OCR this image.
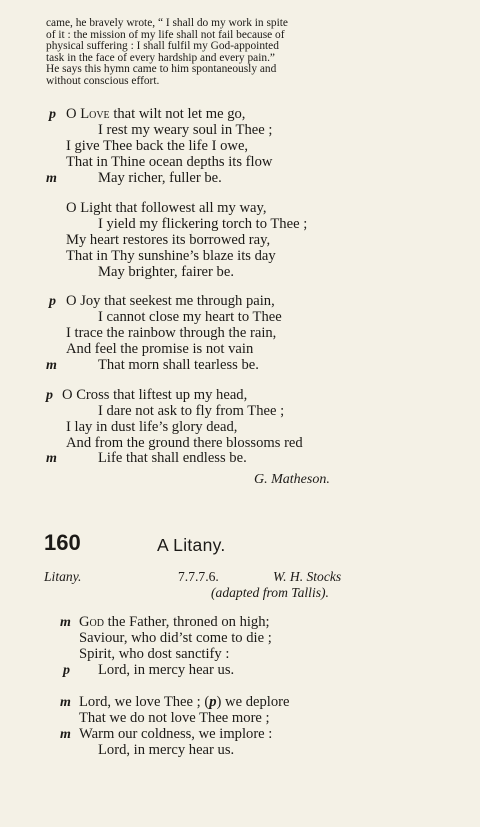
came, he bravely wrote, “ I shall do my work in spite
of it : the mission of my life shall not fail because of
physical suffering : I shall fulfil my God-appointed
task in the face of every hardship and every pain.”
He says this hymn came to him spontaneously and
without conscious effort.
p O Love that wilt not let me go,
I rest my weary soul in Thee ;
I give Thee back the life I owe,
That in Thine ocean depths its flow
m	May richer, fuller be.
O Light that followest all my way,
I yield my flickering torch to Thee ;
My heart restores its borrowed ray,
That in Thy sunshine’s blaze its day
May brighter, fairer be.
p O Joy that seekest me through pain,
I cannot close my heart to Thee
I trace the rainbow through the rain,
And feel the promise is not vain
m	That morn shall tearless be.
p O Cross that liftest up my head,
I dare not ask to fly from Thee ;
I lay in dust life’s glory dead,
And from the ground there blossoms red
m	Life that shall endless be.
G. Matheson.
160	A Litany.
Litany.	7.7.7.6.	W. H. Stocks
(adapted from Tallis).
m God the Father, throned on high;
Saviour, who did’st come to die ;
Spirit, who dost sanctify :
p Lord, in mercy hear us.
m Lord, we love Thee ; (p) we deplore
That we do not love Thee more ;
m Warm our coldness, we implore :
Lord, in mercy hear us.
